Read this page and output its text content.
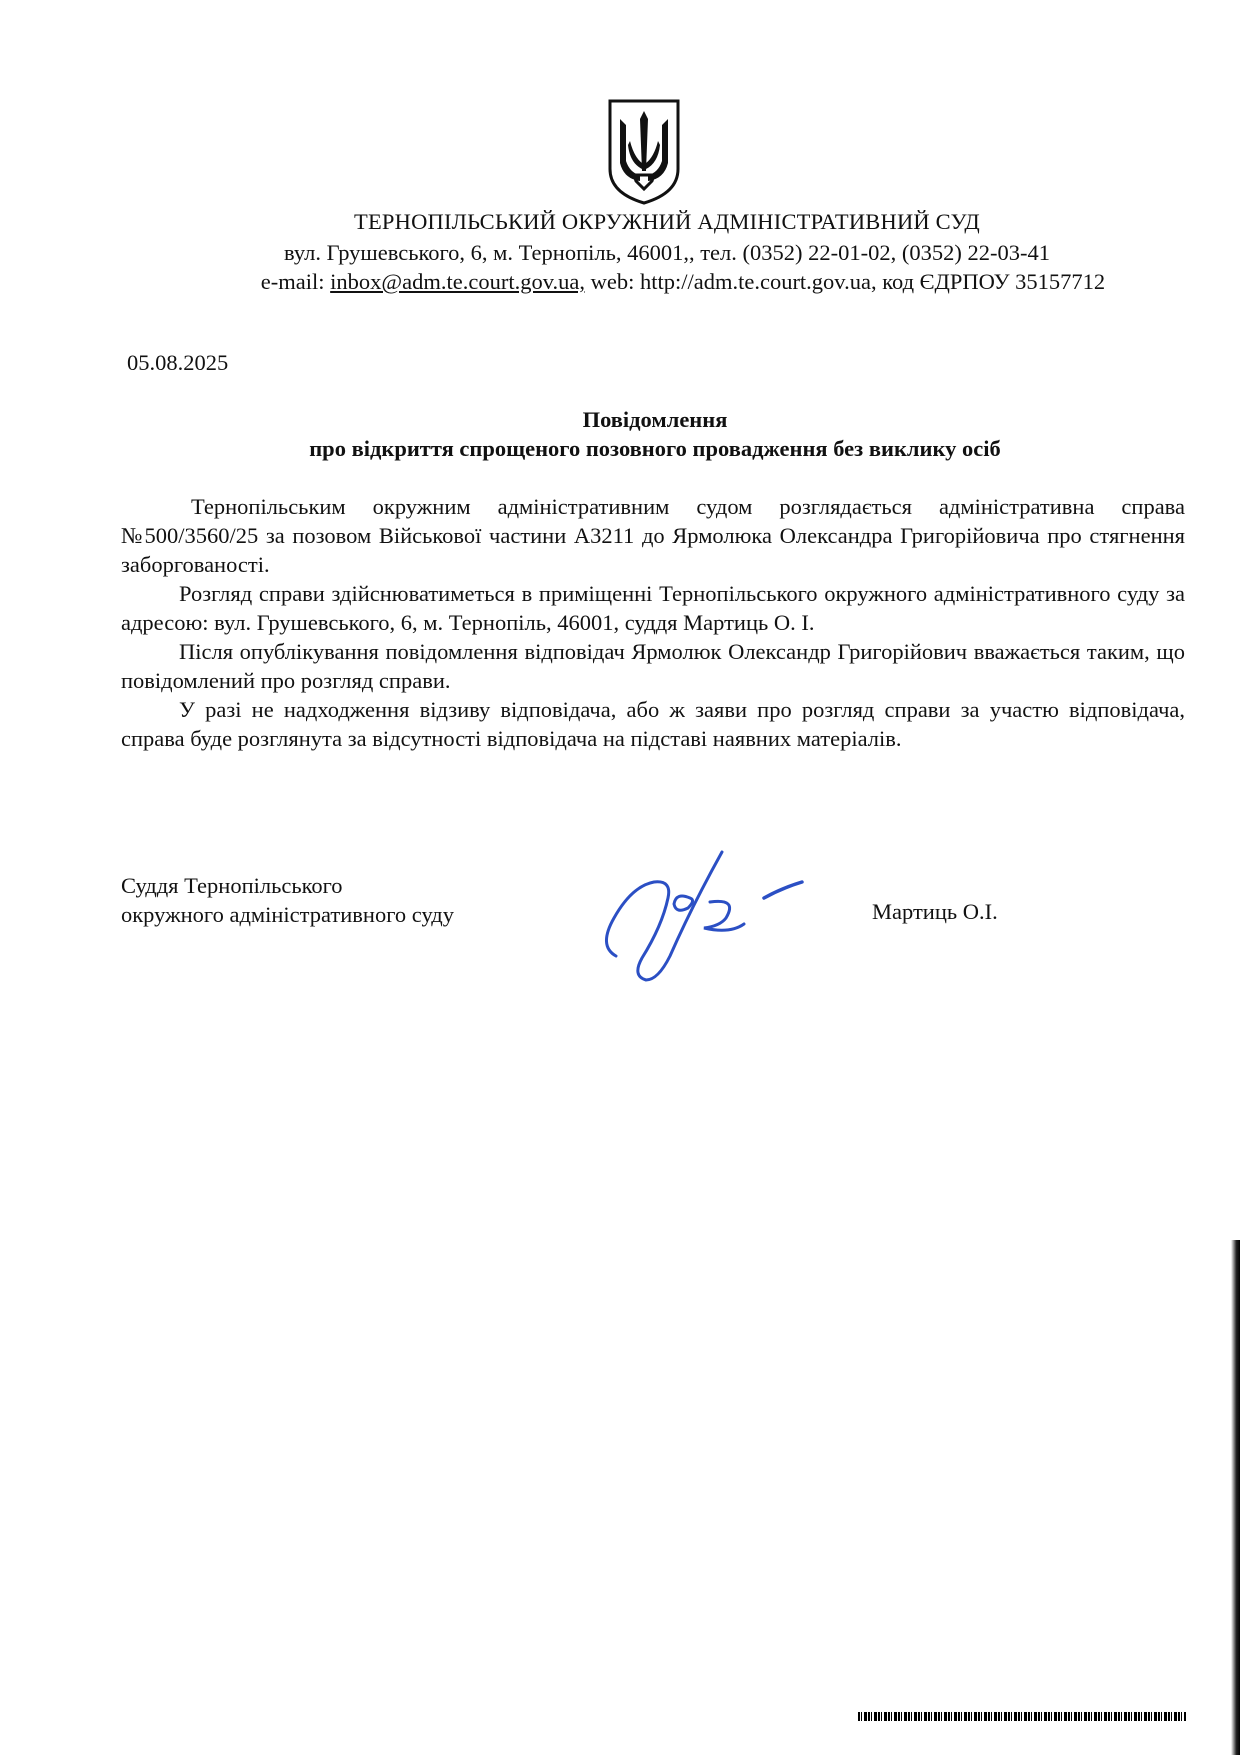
ТЕРНОПІЛЬСЬКИЙ ОКРУЖНИЙ АДМІНІСТРАТИВНИЙ СУД
вул. Грушевського, 6, м. Тернопіль, 46001,, тел. (0352) 22-01-02, (0352) 22-03-41
e-mail: inbox@adm.te.court.gov.ua, web: http://adm.te.court.gov.ua, код ЄДРПОУ 35157712
05.08.2025
Повідомлення
про відкриття спрощеного позовного провадження без виклику осіб

Тернопільським окружним адміністративним судом розглядається адміністративна справа №500/3560/25 за позовом Військової частини А3211 до Ярмолюка Олександра Григорійовича про стягнення заборгованості.

Розгляд справи здійснюватиметься в приміщенні Тернопільського окружного адміністративного суду за адресою: вул. Грушевського, 6, м. Тернопіль, 46001, суддя Мартиць О. І.

Після опублікування повідомлення відповідач Ярмолюк Олександр Григорійович вважається таким, що повідомлений про розгляд справи.

У разі не надходження відзиву відповідача, або ж заяви про розгляд справи за участю відповідача, справа буде розглянута за відсутності відповідача на підставі наявних матеріалів.

Суддя Тернопільського
окружного адміністративного суду	Мартиць О.І.
